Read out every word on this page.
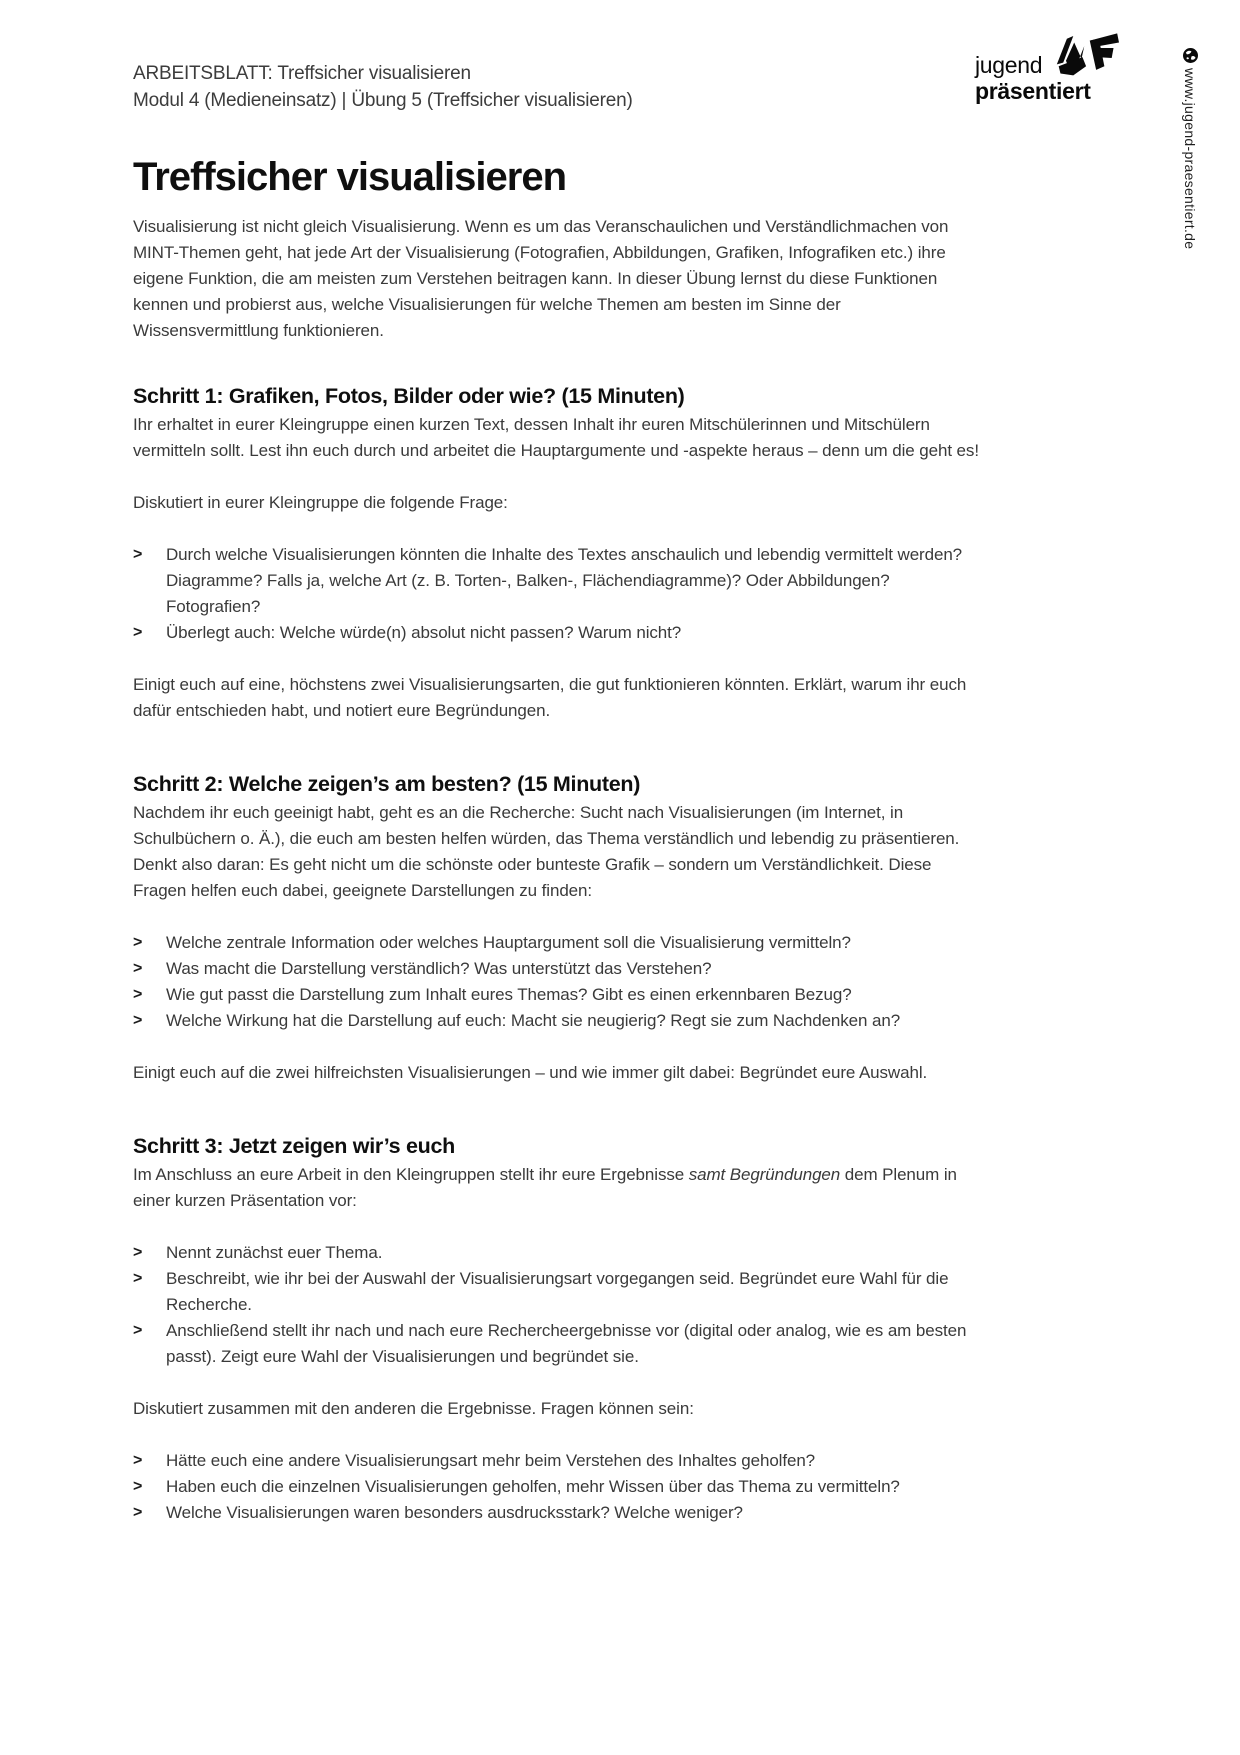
jugend
präsentiert	www.jugend-praesentiert.de
ARBEITSBLATT: Treffsicher visualisieren
Modul 4 (Medieneinsatz) | Übung 5 (Treffsicher visualisieren)
Treffsicher visualisieren
Visualisierung ist nicht gleich Visualisierung. Wenn es um das Veranschaulichen und Verständlichmachen von MINT-Themen geht, hat jede Art der Visualisierung (Fotografien, Abbildungen, Grafiken, Infografiken etc.) ihre eigene Funktion, die am meisten zum Verstehen beitragen kann. In dieser Übung lernst du diese Funktionen kennen und probierst aus, welche Visualisierungen für welche Themen am besten im Sinne der Wissensvermittlung funktionieren.
Schritt 1: Grafiken, Fotos, Bilder oder wie? (15 Minuten)
Ihr erhaltet in eurer Kleingruppe einen kurzen Text, dessen Inhalt ihr euren Mitschülerinnen und Mitschülern vermitteln sollt. Lest ihn euch durch und arbeitet die Hauptargumente und -aspekte heraus – denn um die geht es!
Diskutiert in eurer Kleingruppe die folgende Frage:
>	Durch welche Visualisierungen könnten die Inhalte des Textes anschaulich und lebendig vermittelt werden? Diagramme? Falls ja, welche Art (z. B. Torten-, Balken-, Flächendiagramme)? Oder Abbildungen? Fotografien?
>	Überlegt auch: Welche würde(n) absolut nicht passen? Warum nicht?
Einigt euch auf eine, höchstens zwei Visualisierungsarten, die gut funktionieren könnten. Erklärt, warum ihr euch dafür entschieden habt, und notiert eure Begründungen.
Schritt 2: Welche zeigen’s am besten? (15 Minuten)
Nachdem ihr euch geeinigt habt, geht es an die Recherche: Sucht nach Visualisierungen (im Internet, in Schulbüchern o. Ä.), die euch am besten helfen würden, das Thema verständlich und lebendig zu präsentieren. Denkt also daran: Es geht nicht um die schönste oder bunteste Grafik – sondern um Verständlichkeit. Diese Fragen helfen euch dabei, geeignete Darstellungen zu finden:
>	Welche zentrale Information oder welches Hauptargument soll die Visualisierung vermitteln?
>	Was macht die Darstellung verständlich? Was unterstützt das Verstehen?
>	Wie gut passt die Darstellung zum Inhalt eures Themas? Gibt es einen erkennbaren Bezug?
>	Welche Wirkung hat die Darstellung auf euch: Macht sie neugierig? Regt sie zum Nachdenken an?
Einigt euch auf die zwei hilfreichsten Visualisierungen – und wie immer gilt dabei: Begründet eure Auswahl.
Schritt 3: Jetzt zeigen wir’s euch
Im Anschluss an eure Arbeit in den Kleingruppen stellt ihr eure Ergebnisse samt Begründungen dem Plenum in einer kurzen Präsentation vor:
>	Nennt zunächst euer Thema.
>	Beschreibt, wie ihr bei der Auswahl der Visualisierungsart vorgegangen seid. Begründet eure Wahl für die Recherche.
>	Anschließend stellt ihr nach und nach eure Rechercheergebnisse vor (digital oder analog, wie es am besten passt). Zeigt eure Wahl der Visualisierungen und begründet sie.
Diskutiert zusammen mit den anderen die Ergebnisse. Fragen können sein:
>	Hätte euch eine andere Visualisierungsart mehr beim Verstehen des Inhaltes geholfen?
>	Haben euch die einzelnen Visualisierungen geholfen, mehr Wissen über das Thema zu vermitteln?
>	Welche Visualisierungen waren besonders ausdrucksstark? Welche weniger?
